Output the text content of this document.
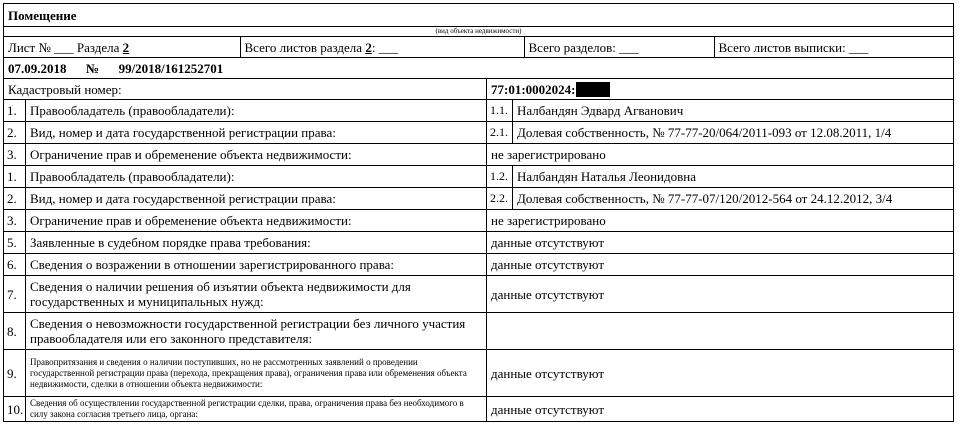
Помещение
(вид объекта недвижимости)

Лист № ___ Раздела 2	Всего листов раздела 2: ___	Всего разделов: ___	Всего листов выписки: ___

07.09.2018      №      99/2018/161252701
Кадастровый номер:	77:01:0002024:
1.	Правообладатель (правообладатели):	1.1.	Налбандян Эдвард Агванович
2.	Вид, номер и дата государственной регистрации права:	2.1.	Долевая собственность, № 77-77-20/064/2011-093 от 12.08.2011, 1/4
3.	Ограничение прав и обременение объекта недвижимости:	не зарегистрировано
1.	Правообладатель (правообладатели):	1.2.	Налбандян Наталья Леонидовна
2.	Вид, номер и дата государственной регистрации права:	2.2.	Долевая собственность, № 77-77-07/120/2012-564 от 24.12.2012, 3/4
3.	Ограничение прав и обременение объекта недвижимости:	не зарегистрировано
5.	Заявленные в судебном порядке права требования:	данные отсутствуют
6.	Сведения о возражении в отношении зарегистрированного права:	данные отсутствуют
7.	Сведения о наличии решения об изъятии объекта недвижимости для государственных и муниципальных нужд:	данные отсутствуют
8.	Сведения о невозможности государственной регистрации без личного участия правообладателя или его законного представителя:	
9.	Правопритязания и сведения о наличии поступивших, но не рассмотренных заявлений о проведении государственной регистрации права (перехода, прекращения права), ограничения права или обременения объекта недвижимости, сделки в отношении объекта недвижимости:	данные отсутствуют
10.	Сведения об осуществлении государственной регистрации сделки, права, ограничения права без необходимого в силу закона согласия третьего лица, органа:	данные отсутствуют
